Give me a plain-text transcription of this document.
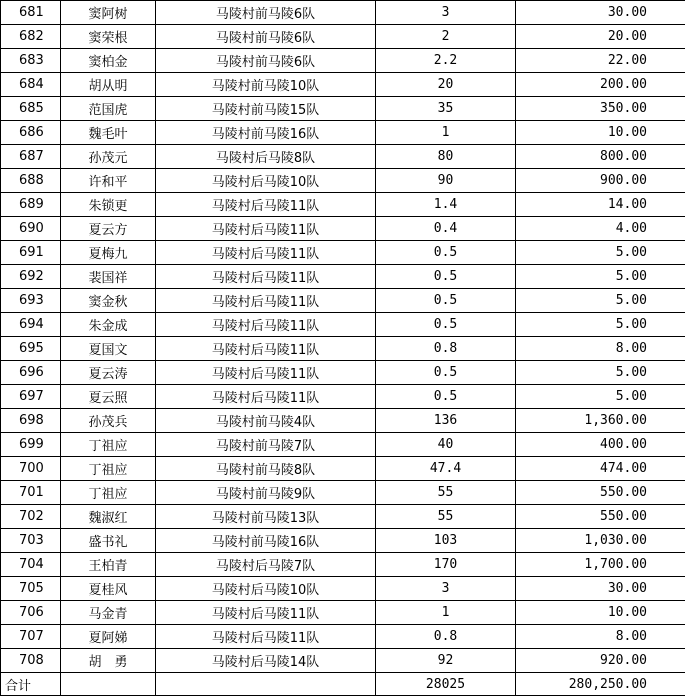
681	窦阿树	马陵村前马陵6队	3	30.00
682	窦荣根	马陵村前马陵6队	2	20.00
683	窦柏金	马陵村前马陵6队	2.2	22.00
684	胡从明	马陵村前马陵10队	20	200.00
685	范国虎	马陵村前马陵15队	35	350.00
686	魏毛叶	马陵村前马陵16队	1	10.00
687	孙茂元	马陵村后马陵8队	80	800.00
688	许和平	马陵村后马陵10队	90	900.00
689	朱锁更	马陵村后马陵11队	1.4	14.00
690	夏云方	马陵村后马陵11队	0.4	4.00
691	夏梅九	马陵村后马陵11队	0.5	5.00
692	裴国祥	马陵村后马陵11队	0.5	5.00
693	窦金秋	马陵村后马陵11队	0.5	5.00
694	朱金成	马陵村后马陵11队	0.5	5.00
695	夏国文	马陵村后马陵11队	0.8	8.00
696	夏云涛	马陵村后马陵11队	0.5	5.00
697	夏云照	马陵村后马陵11队	0.5	5.00
698	孙茂兵	马陵村前马陵4队	136	1,360.00
699	丁祖应	马陵村前马陵7队	40	400.00
700	丁祖应	马陵村前马陵8队	47.4	474.00
701	丁祖应	马陵村前马陵9队	55	550.00
702	魏淑红	马陵村前马陵13队	55	550.00
703	盛书礼	马陵村前马陵16队	103	1,030.00
704	王柏青	马陵村后马陵7队	170	1,700.00
705	夏桂风	马陵村后马陵10队	3	30.00
706	马金青	马陵村后马陵11队	1	10.00
707	夏阿娣	马陵村后马陵11队	0.8	8.00
708	胡　勇	马陵村后马陵14队	92	920.00
合计			28025	280,250.00
